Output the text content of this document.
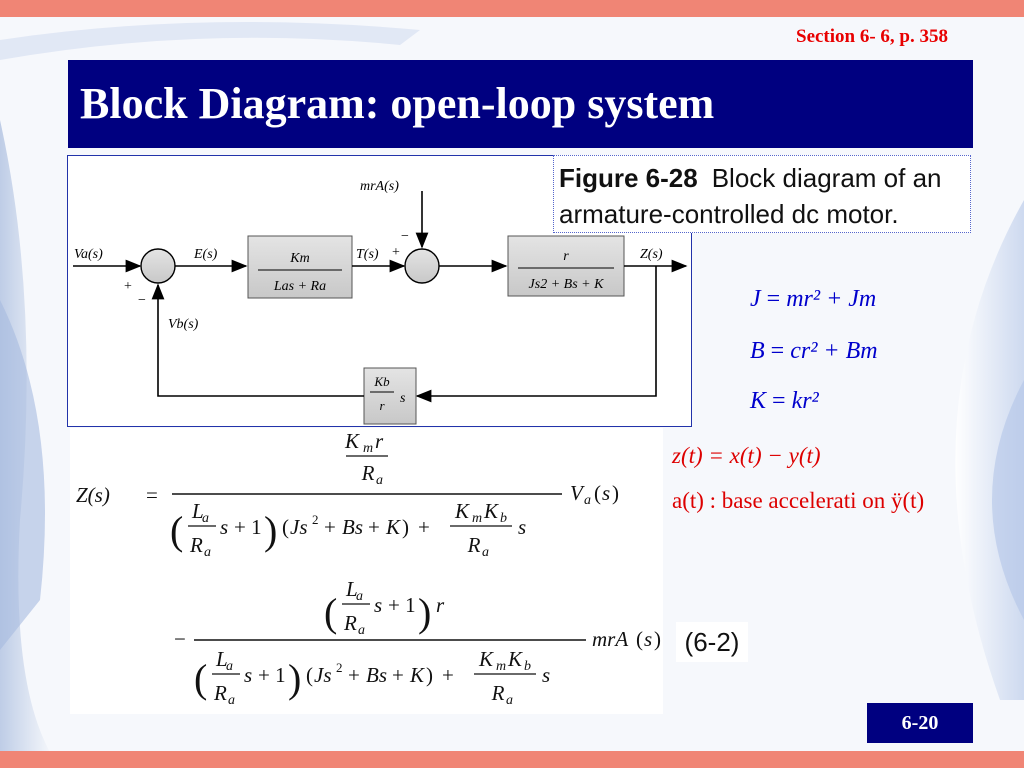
Section 6- 6, p. 358
Block Diagram: open-loop system
Va(s)	E(s)	T(s)	Z(s)
Vb(s)
mrA(s)
+
−
+
−
Km
Las + Ra
r
Js2 + Bs + K
Kb
r s
Figure 6-28 Block diagram of an armature-controlled dc motor.
J = mr² + Jm
B = cr² + Bm
K = kr²
z(t) = x(t) − y(t)
a(t) : base accelerati on ÿ(t)
Z(s) =
K m r
R a
V a ( s )
( L
a
R a
s + 1 ) ( Js 2 + Bs + K ) +
K m K b
R a
s
−
(
L
a
R a
s + 1 ) r
mrA ( s )
( L
a
R a
s + 1 ) ( Js 2 + Bs + K ) +
K m K b
R a
s
(6-2)
6-20
